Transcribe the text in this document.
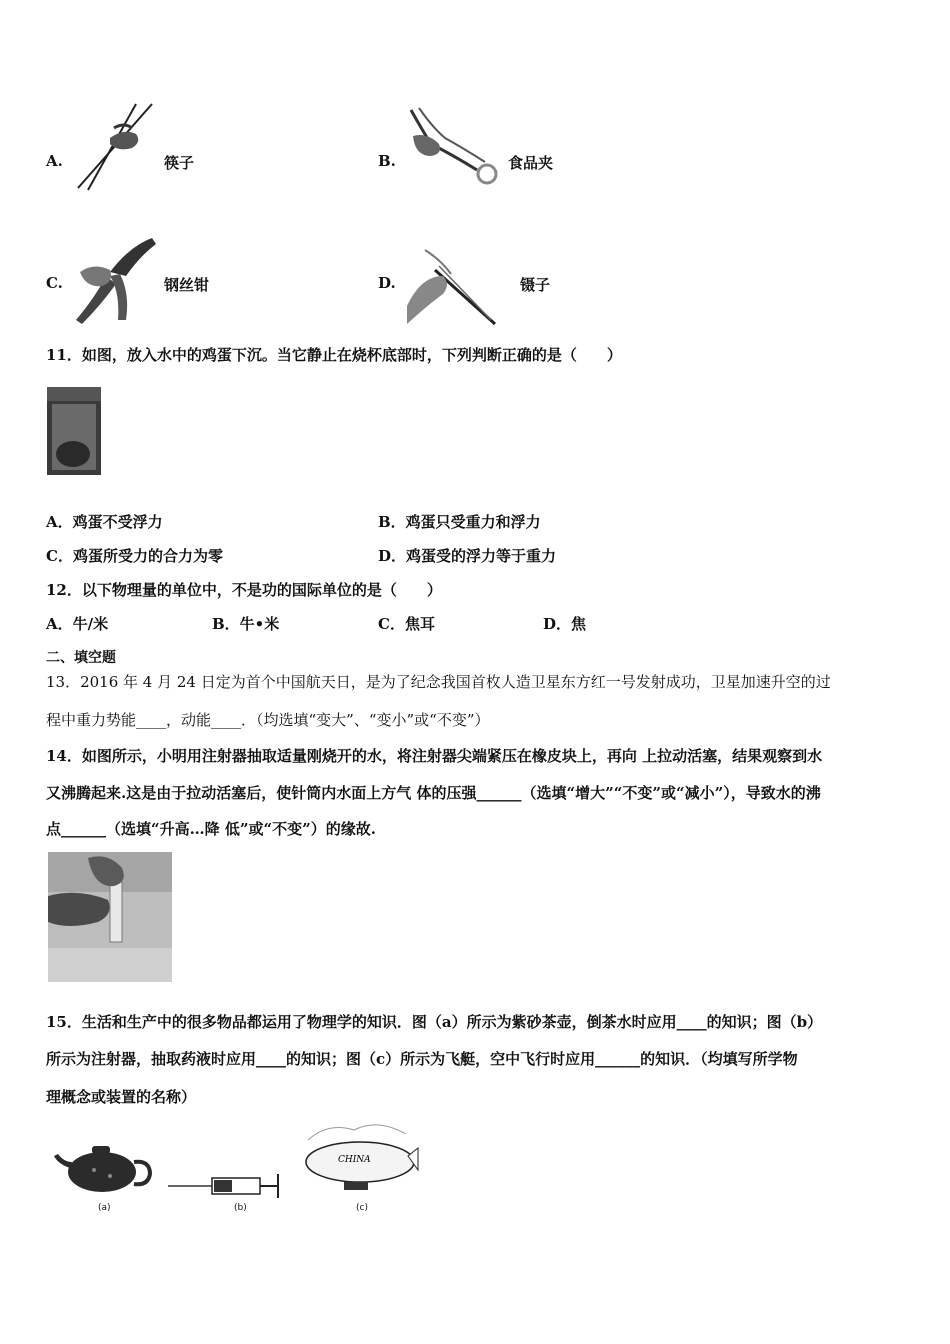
A.	筷子	B.	食品夹
C.	钢丝钳	D.	镊子
11．如图，放入水中的鸡蛋下沉。当它静止在烧杯底部时，下列判断正确的是（　　）
A．鸡蛋不受浮力	B．鸡蛋只受重力和浮力
C．鸡蛋所受力的合力为零	D．鸡蛋受的浮力等于重力
12．以下物理量的单位中，不是功的国际单位的是（　　）
A．牛/米	B．牛•米	C．焦耳	D．焦
二、填空题
13．2016 年 4 月 24 日定为首个中国航天日，是为了纪念我国首枚人造卫星东方红一号发射成功，卫星加速升空的过
程中重力势能____，动能____．（均选填“变大”、“变小”或“不变”）
14．如图所示，小明用注射器抽取适量刚烧开的水，将注射器尖端紧压在橡皮块上，再向 上拉动活塞，结果观察到水
又沸腾起来.这是由于拉动活塞后，使针筒内水面上方气 体的压强______（选填“增大”“不变”或“减小”），导致水的沸
点______（选填“升高…降 低”或“不变”）的缘故.
15．生活和生产中的很多物品都运用了物理学的知识．图（a）所示为紫砂茶壶，倒茶水时应用____的知识；图（b）
所示为注射器，抽取药液时应用____的知识；图（c）所示为飞艇，空中飞行时应用______的知识．（均填写所学物
理概念或装置的名称）
(a)	(b)
CHINA
(c)
